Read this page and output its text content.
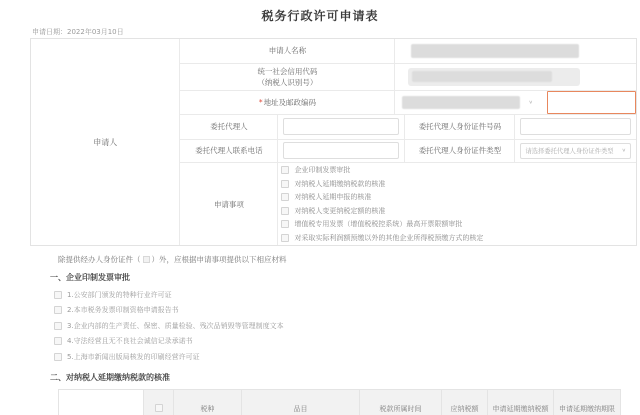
税务行政许可申请表
申请日期：2022年03月10日
申请人
申请人名称
统一社会信用代码
（纳税人识别号）
* 地址及邮政编码	∨
委托代理人	委托代理人身份证件号码
委托代理人联系电话	委托代理人身份证件类型	请选择委托代理人身份证件类型 ∨
申请事项
企业印制发票审批
对纳税人延期缴纳税款的核准
对纳税人延期申报的核准
对纳税人变更纳税定额的核准
增值税专用发票（增值税税控系统）最高开票限额审批
对采取实际利润额预缴以外的其他企业所得税预缴方式的核定
除提供经办人身份证件（ ）外，应根据申请事项提供以下相应材料
一、企业印制发票审批
1.公安部门颁发的特种行业许可证
2.本市税务发票印制资格申请报告书
3.企业内部的生产责任、保密、质量检验、残次品销毁等管理制度文本
4.守法经营且无不良社会诚信记录承诺书
5.上海市新闻出版局核发的印刷经营许可证
二、对纳税人延期缴纳税款的核准
		税种	品目	税款所属时间	应纳税额	申请延期缴纳税额	申请延期缴纳期限
